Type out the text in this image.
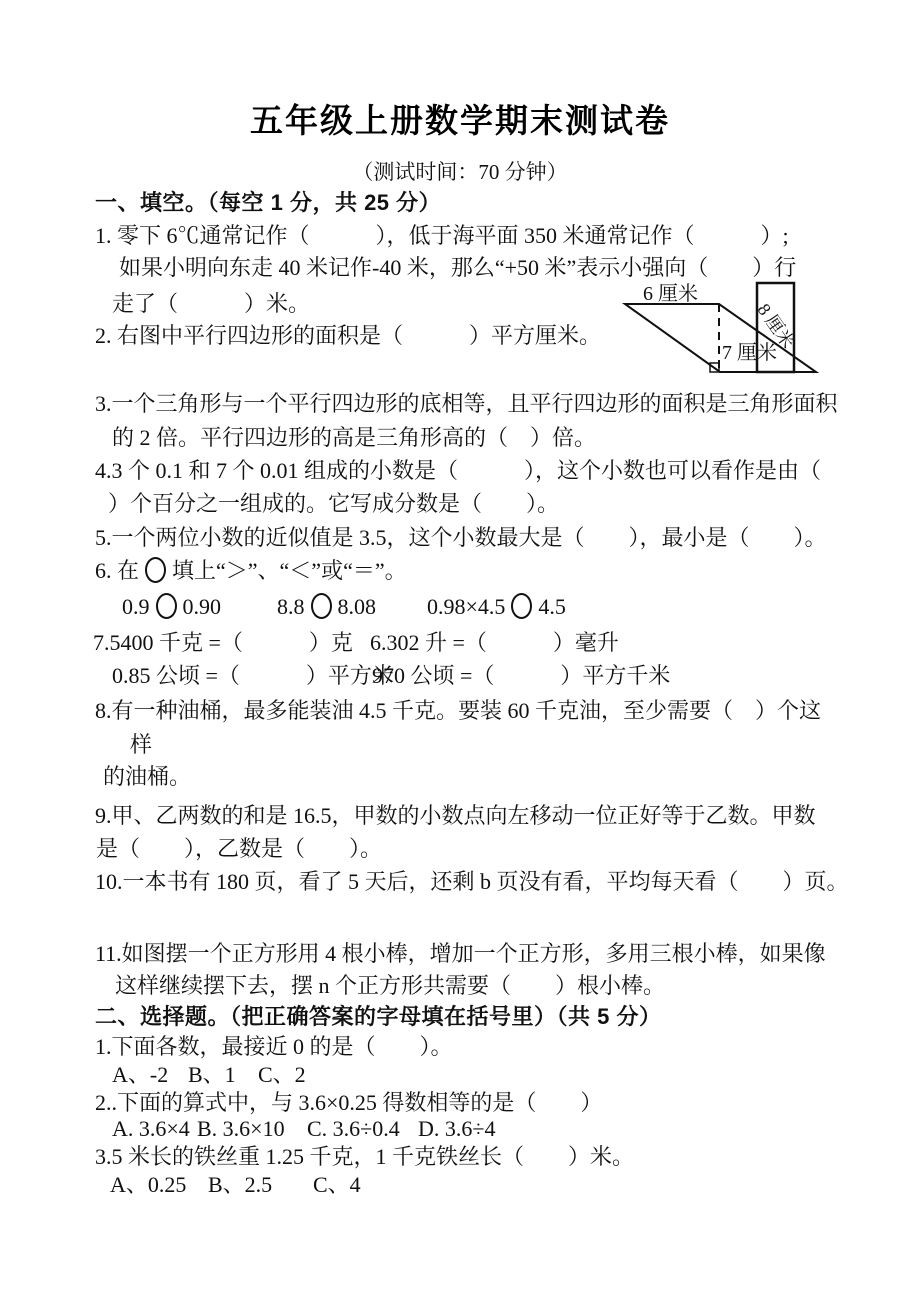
五年级上册数学期末测试卷
（测试时间：70 分钟）
一、填空。（每空 1 分，共 25 分）
1. 零下 6℃通常记作（　　　），低于海平面 350 米通常记作（　　　）;
如果小明向东走 40 米记作-40 米，那么“+50 米”表示小强向（　　）行
走了（　　　）米。
2. 右图中平行四边形的面积是（　　　）平方厘米。
6 厘米
7 厘米
8 厘米
3.一个三角形与一个平行四边形的底相等，且平行四边形的面积是三角形面积
的 2 倍。平行四边形的高是三角形高的（　）倍。
4.3 个 0.1 和 7 个 0.01 组成的小数是（　　　），这个小数也可以看作是由（
）个百分之一组成的。它写成分数是（　　）。
5.一个两位小数的近似值是 3.5，这个小数最大是（　　），最小是（　　）。
6. 在 填上“＞”、“＜”或“＝”。
0.9 0.90	8.8 8.08 0.98×4.5 4.5
7.5400 千克 =（　　　）克 6.302 升 =（　　　）毫升
0.85 公顷 =（　　　）平方米
970 公顷 =（　　　）平方千米
8.有一种油桶，最多能装油 4.5 千克。要装 60 千克油，至少需要（　）个这
样
的油桶。
9.甲、乙两数的和是 16.5，甲数的小数点向左移动一位正好等于乙数。甲数
是（　　），乙数是（　　）。
10.一本书有 180 页，看了 5 天后，还剩 b 页没有看，平均每天看（　　）页。
11.如图摆一个正方形用 4 根小棒，增加一个正方形，多用三根小棒，如果像
这样继续摆下去，摆 n 个正方形共需要（　　）根小棒。
二、选择题。（把正确答案的字母填在括号里）（共 5 分）
1.下面各数，最接近 0 的是（　　）。
A、-2 B、1 C、2
2..下面的算式中，与 3.6×0.25 得数相等的是（　　）
A. 3.6×4 B. 3.6×10 C. 3.6÷0.4 D. 3.6÷4
3.5 米长的铁丝重 1.25 千克，1 千克铁丝长（　　）米。
A、0.25 B、2.5 C、4
